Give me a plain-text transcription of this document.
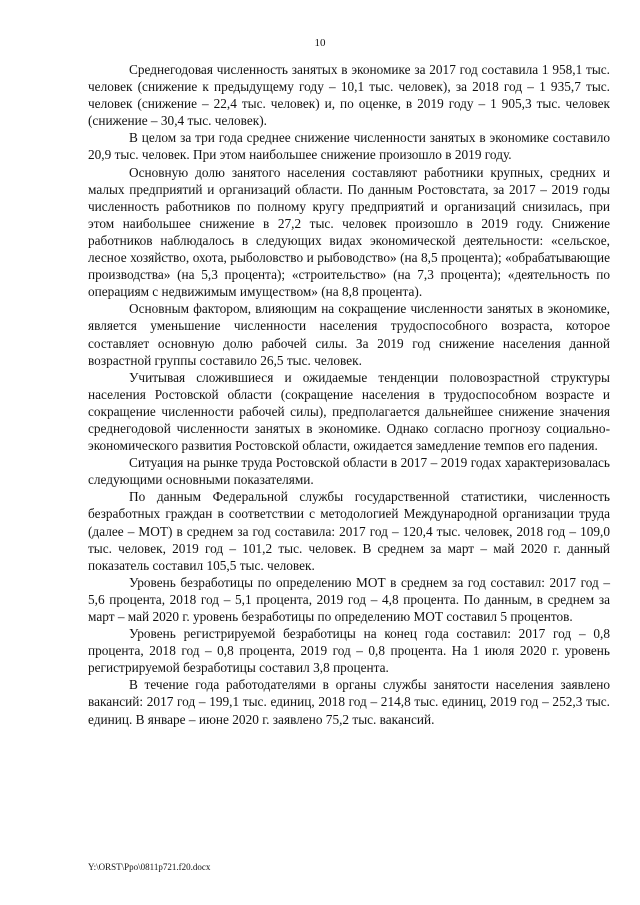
10

Среднегодовая численность занятых в экономике за 2017 год составила 1 958,1 тыс. человек (снижение к предыдущему году – 10,1 тыс. человек), за 2018 год – 1 935,7 тыс. человек (снижение – 22,4 тыс. человек) и, по оценке, в 2019 году – 1 905,3 тыс. человек (снижение – 30,4 тыс. человек).

В целом за три года среднее снижение численности занятых в экономике составило 20,9 тыс. человек. При этом наибольшее снижение произошло в 2019 году.

Основную долю занятого населения составляют работники крупных, средних и малых предприятий и организаций области. По данным Ростовстата, за 2017 – 2019 годы численность работников по полному кругу предприятий и организаций снизилась, при этом наибольшее снижение в 27,2 тыс. человек произошло в 2019 году. Снижение работников наблюдалось в следующих видах экономической деятельности: «сельское, лесное хозяйство, охота, рыболовство и рыбоводство» (на 8,5 процента); «обрабатывающие производства» (на 5,3 процента); «строительство» (на 7,3 процента); «деятельность по операциям с недвижимым имуществом» (на 8,8 процента).

Основным фактором, влияющим на сокращение численности занятых в экономике, является уменьшение численности населения трудоспособного возраста, которое составляет основную долю рабочей силы. За 2019 год снижение населения данной возрастной группы составило 26,5 тыс. человек.

Учитывая сложившиеся и ожидаемые тенденции половозрастной структуры населения Ростовской области (сокращение населения в трудоспособном возрасте и сокращение численности рабочей силы), предполагается дальнейшее снижение значения среднегодовой численности занятых в экономике. Однако согласно прогнозу социально-экономического развития Ростовской области, ожидается замедление темпов его падения.

Ситуация на рынке труда Ростовской области в 2017 – 2019 годах характеризовалась следующими основными показателями.

По данным Федеральной службы государственной статистики, численность безработных граждан в соответствии с методологией Международной организации труда (далее – МОТ) в среднем за год составила: 2017 год – 120,4 тыс. человек, 2018 год – 109,0 тыс. человек, 2019 год – 101,2 тыс. человек. В среднем за март – май 2020 г. данный показатель составил 105,5 тыс. человек.

Уровень безработицы по определению МОТ в среднем за год составил: 2017 год – 5,6 процента, 2018 год – 5,1 процента, 2019 год – 4,8 процента. По данным, в среднем за март – май 2020 г. уровень безработицы по определению МОТ составил 5 процентов.

Уровень регистрируемой безработицы на конец года составил: 2017 год – 0,8 процента, 2018 год – 0,8 процента, 2019 год – 0,8 процента. На 1 июля 2020 г. уровень регистрируемой безработицы составил 3,8 процента.

В течение года работодателями в органы службы занятости населения заявлено вакансий: 2017 год – 199,1 тыс. единиц, 2018 год – 214,8 тыс. единиц, 2019 год – 252,3 тыс. единиц. В январе – июне 2020 г. заявлено 75,2 тыс. вакансий.

Y:\ORST\Ppo\0811p721.f20.docx
